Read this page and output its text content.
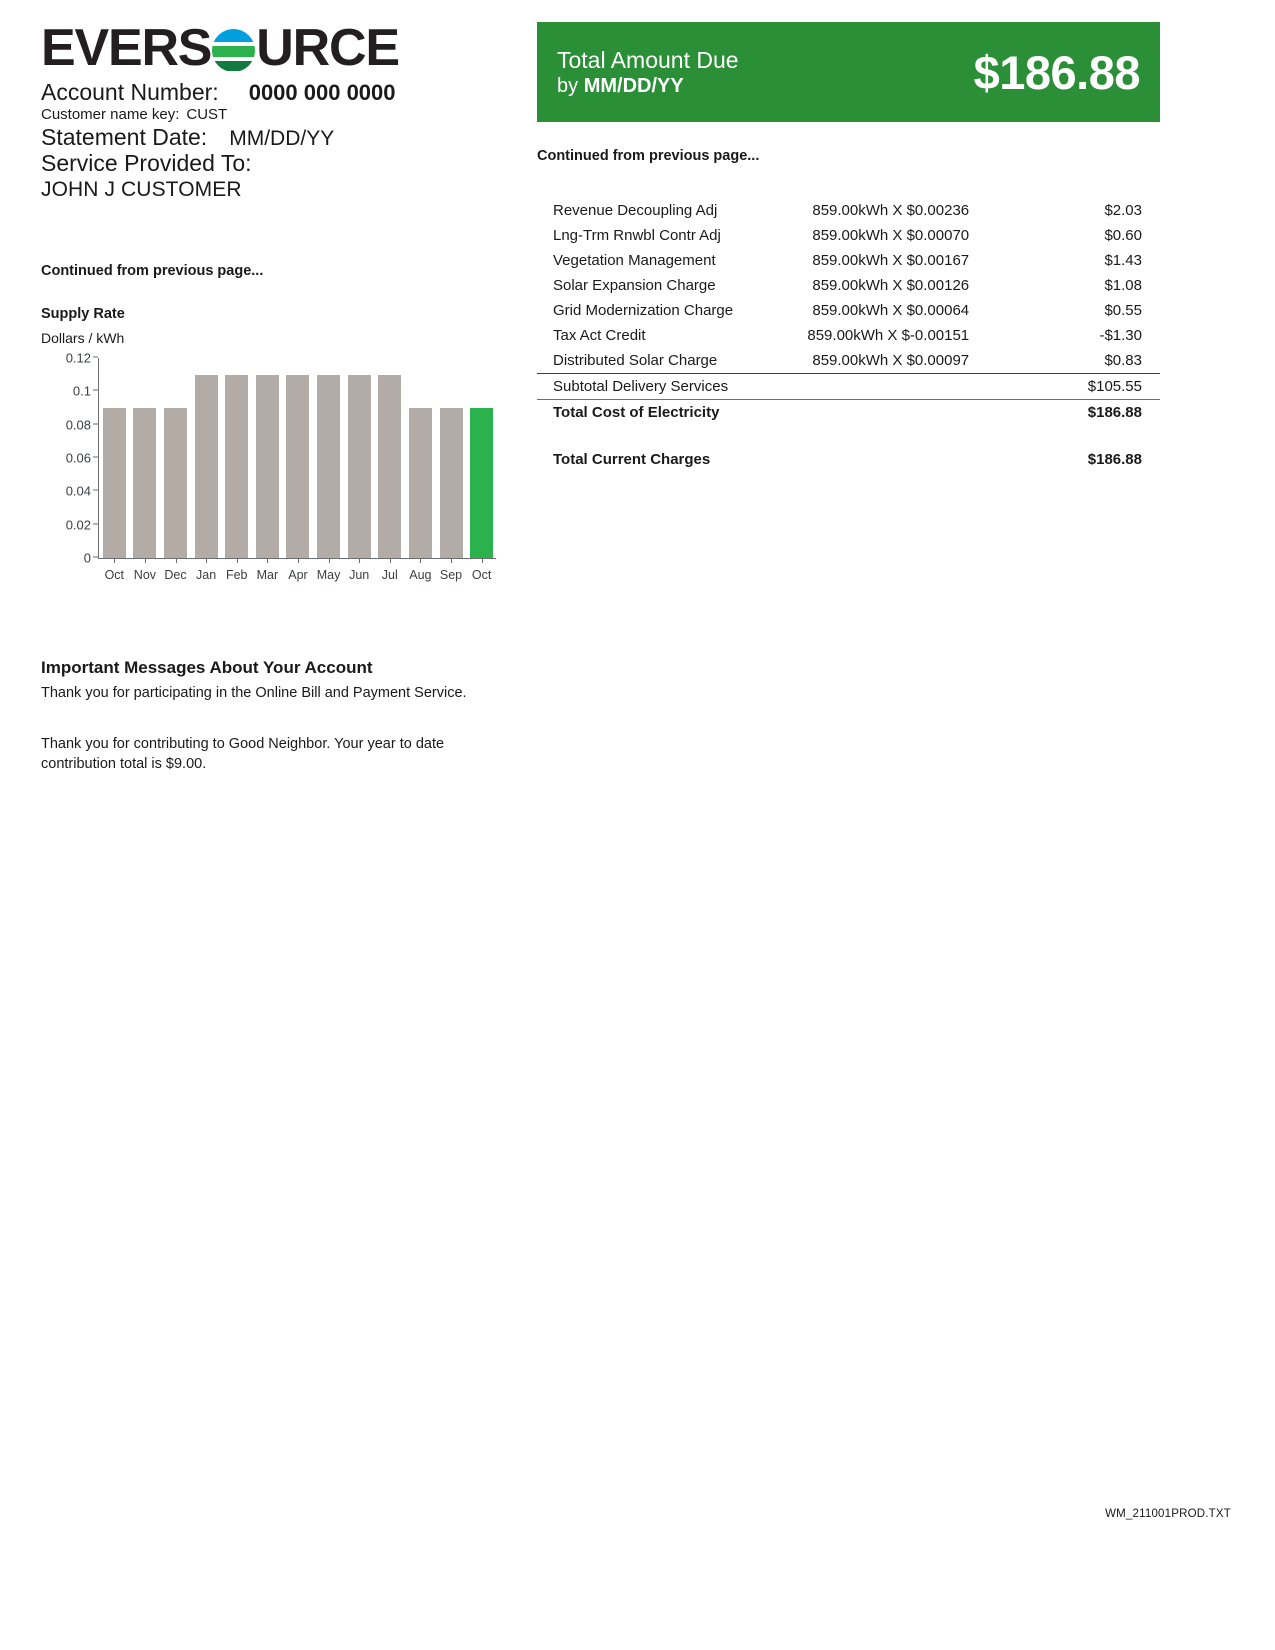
EVERS URCE
Account Number: 0000 000 0000
Customer name key: CUST
Statement Date: MM/DD/YY
Service Provided To:
JOHN J CUSTOMER
Continued from previous page...
Supply Rate
Dollars / kWh
0
0.02
0.04
0.06
0.08
0.1
0.12
Oct Nov Dec Jan Feb Mar Apr May Jun	Jul Aug Sep Oct
Important Messages About Your Account
Thank you for participating in the Online Bill and Payment Service.
Thank you for contributing to Good Neighbor. Your year to date contribution total is $9.00.
Total Amount Due
by MM/DD/YY	$186.88
Continued from previous page...
Revenue Decoupling Adj	859.00kWh X $0.00236	$2.03
Lng-Trm Rnwbl Contr Adj	859.00kWh X $0.00070	$0.60
Vegetation Management	859.00kWh X $0.00167	$1.43
Solar Expansion Charge	859.00kWh X $0.00126	$1.08
Grid Modernization Charge	859.00kWh X $0.00064	$0.55
Tax Act Credit	859.00kWh X $-0.00151	-$1.30
Distributed Solar Charge	859.00kWh X $0.00097	$0.83
Subtotal Delivery Services		$105.55
Total Cost of Electricity		$186.88

Total Current Charges		$186.88
WM_211001PROD.TXT
